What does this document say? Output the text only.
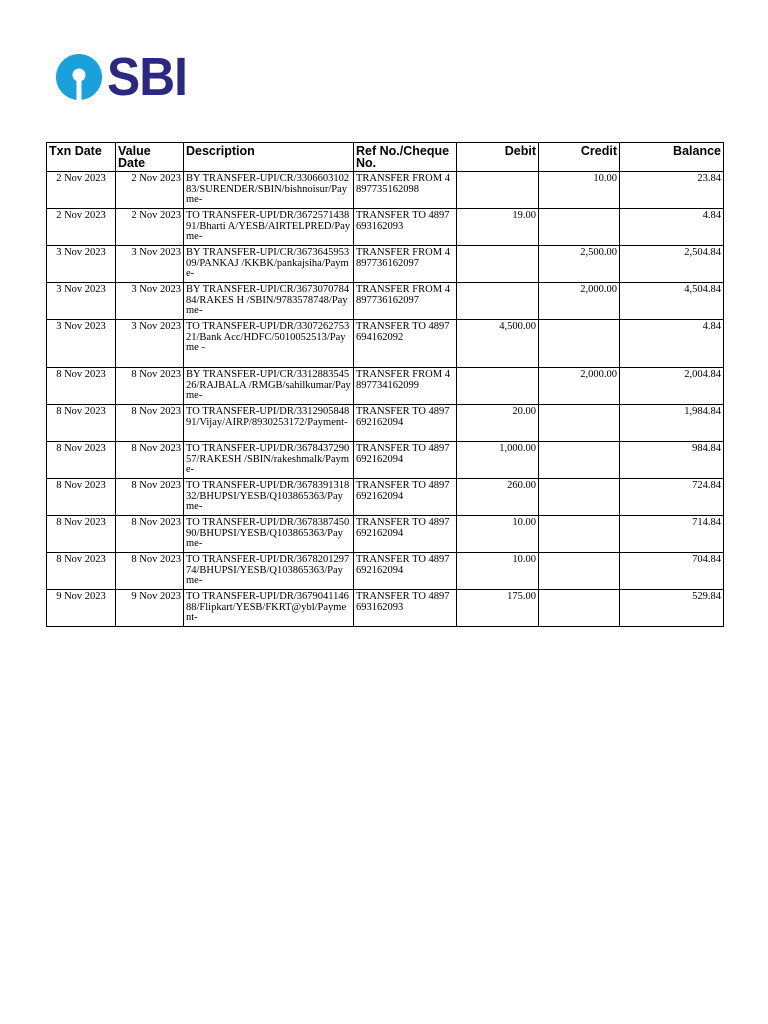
SBI
Txn Date	Value Date	Description	Ref No./Cheque No.	Debit	Credit	Balance
2 Nov 2023	2 Nov 2023	BY TRANSFER-UPI/CR/330660310283/SURENDER/SBIN/bishnoisur/Payme-	TRANSFER FROM 4897735162098		10.00	23.84
2 Nov 2023	2 Nov 2023	TO TRANSFER-UPI/DR/367257143891/Bharti A/YESB/AIRTELPRED/Payme-	TRANSFER TO 4897693162093	19.00		4.84
3 Nov 2023	3 Nov 2023	BY TRANSFER-UPI/CR/367364595309/PANKAJ /KKBK/pankajsiha/Payme-	TRANSFER FROM 4897736162097		2,500.00	2,504.84
3 Nov 2023	3 Nov 2023	BY TRANSFER-UPI/CR/367307078484/RAKES H /SBIN/9783578748/Payme-	TRANSFER FROM 4897736162097		2,000.00	4,504.84
3 Nov 2023	3 Nov 2023	TO TRANSFER-UPI/DR/330726275321/Bank Acc/HDFC/5010052513/Payme -	TRANSFER TO 4897694162092	4,500.00		4.84
8 Nov 2023	8 Nov 2023	BY TRANSFER-UPI/CR/331288354526/RAJBALA /RMGB/sahilkumar/Payme-	TRANSFER FROM 4897734162099		2,000.00	2,004.84
8 Nov 2023	8 Nov 2023	TO TRANSFER-UPI/DR/331290584891/Vijay/AIRP/8930253172/Payment-	TRANSFER TO 4897692162094	20.00		1,984.84
8 Nov 2023	8 Nov 2023	TO TRANSFER-UPI/DR/367843729057/RAKESH /SBIN/rakeshmalk/Payme-	TRANSFER TO 4897692162094	1,000.00		984.84
8 Nov 2023	8 Nov 2023	TO TRANSFER-UPI/DR/367839131832/BHUPSI/YESB/Q103865363/Payme-	TRANSFER TO 4897692162094	260.00		724.84
8 Nov 2023	8 Nov 2023	TO TRANSFER-UPI/DR/367838745090/BHUPSI/YESB/Q103865363/Payme-	TRANSFER TO 4897692162094	10.00		714.84
8 Nov 2023	8 Nov 2023	TO TRANSFER-UPI/DR/367820129774/BHUPSI/YESB/Q103865363/Payme-	TRANSFER TO 4897692162094	10.00		704.84
9 Nov 2023	9 Nov 2023	TO TRANSFER-UPI/DR/367904114688/Flipkart/YESB/FKRT@ybl/Payment-	TRANSFER TO 4897693162093	175.00		529.84
